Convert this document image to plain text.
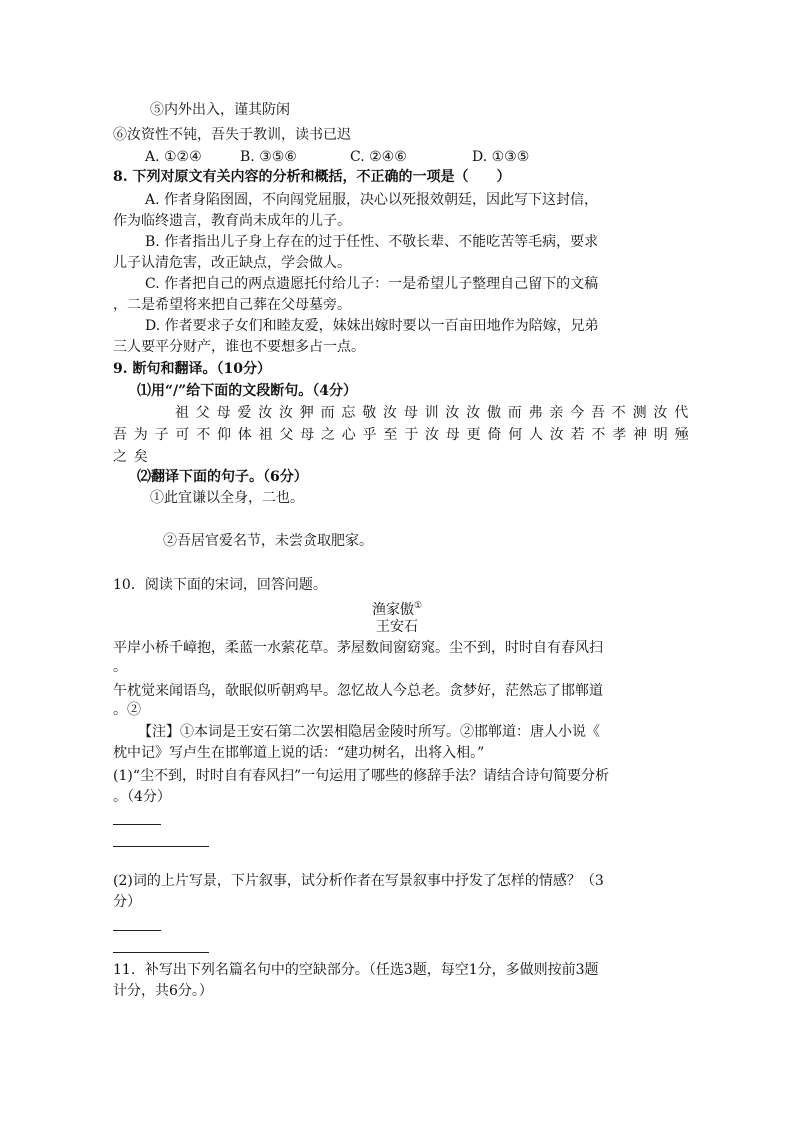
⑤内外出入，谨其防闲
⑥汝资性不钝，吾失于教训，读书已迟
A. ①②④	B. ③⑤⑥	C. ②④⑥	D. ①③⑤
8. 下列对原文有关内容的分析和概括，不正确的一项是（　　）
A. 作者身陷囹圄，不向闯党屈服，决心以死报效朝廷，因此写下这封信，
作为临终遗言，教育尚未成年的儿子。
B. 作者指出儿子身上存在的过于任性、不敬长辈、不能吃苦等毛病，要求
儿子认清危害，改正缺点，学会做人。
C. 作者把自己的两点遗愿托付给儿子：一是希望儿子整理自己留下的文稿
，二是希望将来把自己葬在父母墓旁。
D. 作者要求子女们和睦友爱，妹妹出嫁时要以一百亩田地作为陪嫁，兄弟
三人要平分财产，谁也不要想多占一点。
9. 断句和翻译。（10分）
⑴用“/”给下面的文段断句。（4分）
祖父母爱汝汝狎而忘敬汝母训汝汝傲而弗亲今吾不测汝代
吾为子可不仰体祖父母之心乎至于汝母更倚何人汝若不孝神明殛
之矣
⑵翻译下面的句子。（6分）
①此宜谦以全身，二也。
②吾居官爱名节，未尝贪取肥家。
10．阅读下面的宋词，回答问题。
渔家傲①
王安石
平岸小桥千嶂抱，柔蓝一水萦花草。茅屋数间窗窈窕。尘不到，时时自有春风扫
。
午枕觉来闻语鸟，欹眠似听朝鸡早。忽忆故人今总老。贪梦好，茫然忘了邯郸道
。②
【注】①本词是王安石第二次罢相隐居金陵时所写。②邯郸道：唐人小说《
枕中记》写卢生在邯郸道上说的话：“建功树名，出将入相。”
(1)“尘不到，时时自有春风扫”一句运用了哪些的修辞手法？请结合诗句简要分析
。（4分）
(2)词的上片写景，下片叙事，试分析作者在写景叙事中抒发了怎样的情感？（3
分）
11．补写出下列名篇名句中的空缺部分。（任选3题，每空1分，多做则按前3题
计分，共6分。）
